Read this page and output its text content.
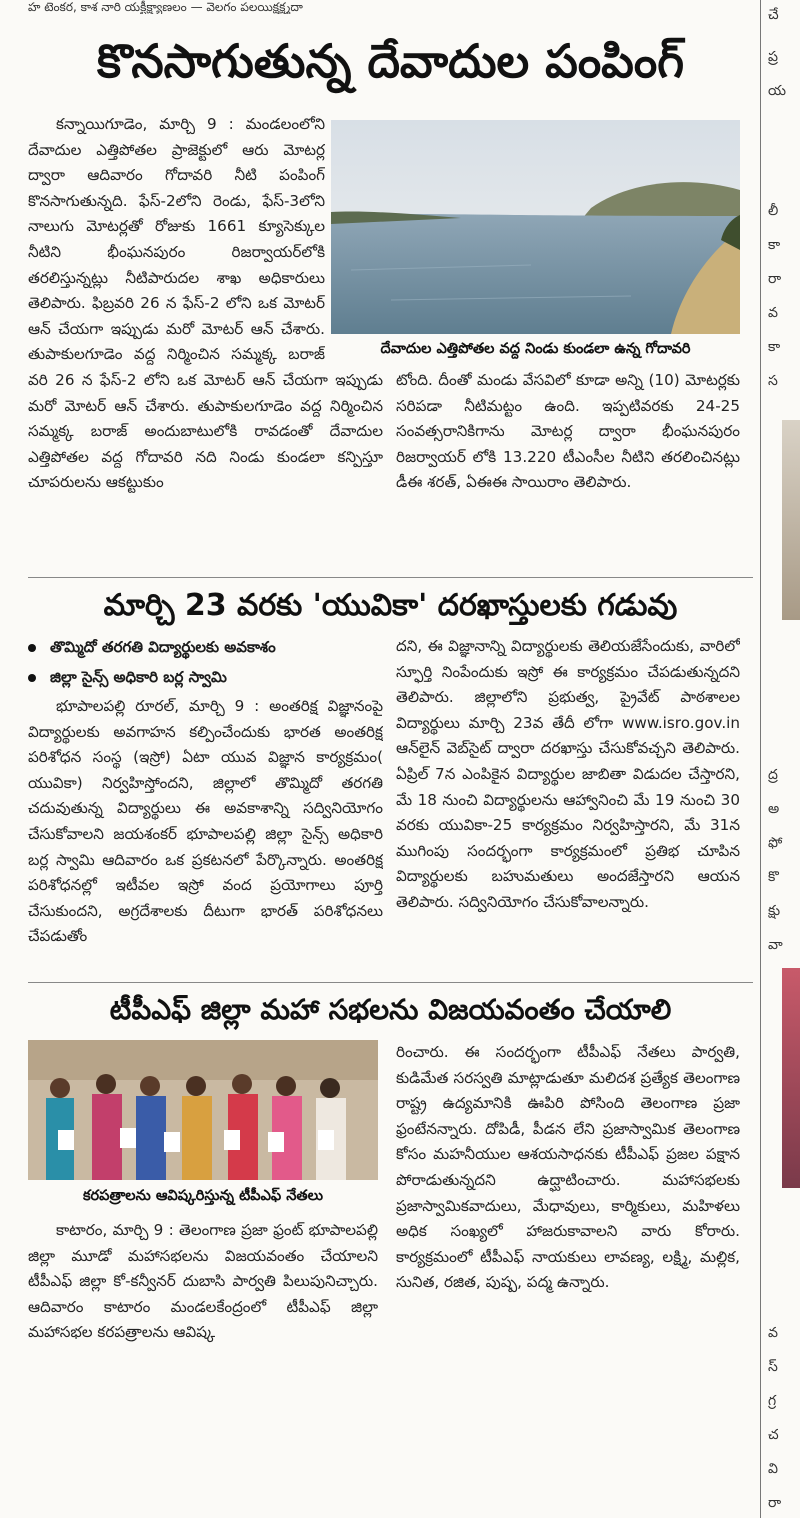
హ టెంకర, కాశ నారి యక్టీక్ష్యాణలం — వెలగం పలయిక్షక్ష్మదా
కొనసాగుతున్న దేవాదుల పంపింగ్
దేవాదుల ఎత్తిపోతల వద్ద నిండు కుండలా ఉన్న గోదావరి

కన్నాయిగూడెం, మార్చి 9 : మండలంలోని దేవాదుల ఎత్తిపోతల ప్రాజెక్టులో ఆరు మోటర్ల ద్వారా ఆదివారం గోదావరి నీటి పంపింగ్ కొనసాగుతున్నది. ఫేస్-2లోని రెండు, ఫేస్-3లోని నాలుగు మోటర్లతో రోజుకు 1661 క్యూసెక్కుల నీటిని భీంఘనపురం రిజర్వాయర్‌లోకి తరలిస్తున్నట్లు నీటిపారుదల శాఖ అధికారులు తెలిపారు. ఫిబ్రవరి 26 న ఫేస్-2 లోని ఒక మోటర్ ఆన్ చేయగా ఇప్పుడు మరో మోటర్ ఆన్ చేశారు. తుపాకులగూడెం వద్ద నిర్మించిన సమ్మక్క బరాజ్

వరి 26 న ఫేస్-2 లోని ఒక మోటర్ ఆన్ చేయగా ఇప్పుడు మరో మోటర్ ఆన్ చేశారు. తుపాకులగూడెం వద్ద నిర్మించిన సమ్మక్క బరాజ్ అందుబాటులోకి రావడంతో దేవాదుల ఎత్తిపోతల వద్ద గోదావరి నది నిండు కుండలా కన్పిస్తూ చూపరులను ఆకట్టుకుం

టోంది. దీంతో మండు వేసవిలో కూడా అన్ని (10) మోటర్లకు సరిపడా నీటిమట్టం ఉంది. ఇప్పటివరకు 24-25 సంవత్సరానికిగాను మోటర్ల ద్వారా భీంఘనపురం రిజర్వాయర్ లోకి 13.220 టీఎంసీల నీటిని తరలించినట్లు డీఈ శరత్, ఏఈఈ సాయిరాం తెలిపారు.

మార్చి 23 వరకు 'యువికా' దరఖాస్తులకు గడువు
తొమ్మిదో తరగతి విద్యార్థులకు అవకాశం
జిల్లా సైన్స్ అధికారి బర్ల స్వామి

భూపాలపల్లి రూరల్, మార్చి 9 : అంతరిక్ష విజ్ఞానంపై విద్యార్థులకు అవగాహన కల్పించేందుకు భారత అంతరిక్ష పరిశోధన సంస్థ (ఇస్రో) ఏటా యువ విజ్ఞాన కార్యక్రమం( యువికా) నిర్వహిస్తోందని, జిల్లాలో తొమ్మిదో తరగతి చదువుతున్న విద్యార్థులు ఈ అవకాశాన్ని సద్వినియోగం చేసుకోవాలని జయశంకర్ భూపాలపల్లి జిల్లా సైన్స్ అధికారి బర్ల స్వామి ఆదివారం ఒక ప్రకటనలో పేర్కొన్నారు. అంతరిక్ష పరిశోధనల్లో ఇటీవల ఇస్రో వంద ప్రయోగాలు పూర్తి చేసుకుందని, అగ్రదేశాలకు దీటుగా భారత్ పరిశోధనలు చేపడుతోం

దని, ఈ విజ్ఞానాన్ని విద్యార్థులకు తెలియజేసేందుకు, వారిలో స్ఫూర్తి నింపేందుకు ఇస్రో ఈ కార్యక్రమం చేపడుతున్నదని తెలిపారు. జిల్లాలోని ప్రభుత్వ, ప్రైవేట్ పాఠశాలల విద్యార్థులు మార్చి 23వ తేదీ లోగా www.isro.gov.in ఆన్‌లైన్ వెబ్‌సైట్ ద్వారా దరఖాస్తు చేసుకోవచ్చని తెలిపారు. ఏప్రిల్ 7న ఎంపికైన విద్యార్థుల జాబితా విడుదల చేస్తారని, మే 18 నుంచి విద్యార్థులను ఆహ్వానించి మే 19 నుంచి 30 వరకు యువికా-25 కార్యక్రమం నిర్వహిస్తారని, మే 31న ముగింపు సందర్భంగా కార్యక్రమంలో ప్రతిభ చూపిన విద్యార్థులకు బహుమతులు అందజేస్తారని ఆయన తెలిపారు. సద్వినియోగం చేసుకోవాలన్నారు.

టీపీఎఫ్ జిల్లా మహా సభలను విజయవంతం చేయాలి
కరపత్రాలను ఆవిష్కరిస్తున్న టీపీఎఫ్ నేతలు

కాటారం, మార్చి 9 : తెలంగాణ ప్రజా ఫ్రంట్ భూపాలపల్లి జిల్లా మూడో మహాసభలను విజయవంతం చేయాలని టీపీఎఫ్ జిల్లా కో-కన్వీనర్ దుబాసి పార్వతి పిలుపునిచ్చారు. ఆదివారం కాటారం మండలకేంద్రంలో టీపీఎఫ్ జిల్లా మహాసభల కరపత్రాలను ఆవిష్క

రించారు. ఈ సందర్భంగా టీపీఎఫ్ నేతలు పార్వతి, కుడిమేత సరస్వతి మాట్లాడుతూ మలిదశ ప్రత్యేక తెలంగాణ రాష్ట్ర ఉద్యమానికి ఊపిరి పోసింది తెలంగాణ ప్రజా ఫ్రంటేనన్నారు. దోపిడీ, పీడన లేని ప్రజాస్వామిక తెలంగాణ కోసం మహనీయుల ఆశయసాధనకు టీపీఎఫ్ ప్రజల పక్షాన పోరాడుతున్నదని ఉద్ఘాటించారు. మహాసభలకు ప్రజాస్వామికవాదులు, మేధావులు, కార్మికులు, మహిళలు అధిక సంఖ్యలో హాజరుకావాలని వారు కోరారు. కార్యక్రమంలో టీపీఎఫ్ నాయకులు లావణ్య, లక్ష్మి, మల్లిక, సునిత, రజిత, పుష్ప, పద్మ ఉన్నారు.

చే
ప్ర
య
లీ
కా
రా
వ
కా
స
ద్ర
అ
ఫో
కొ
క్షు
వా
వ
స్
గ్ర
చ
వి
రా
